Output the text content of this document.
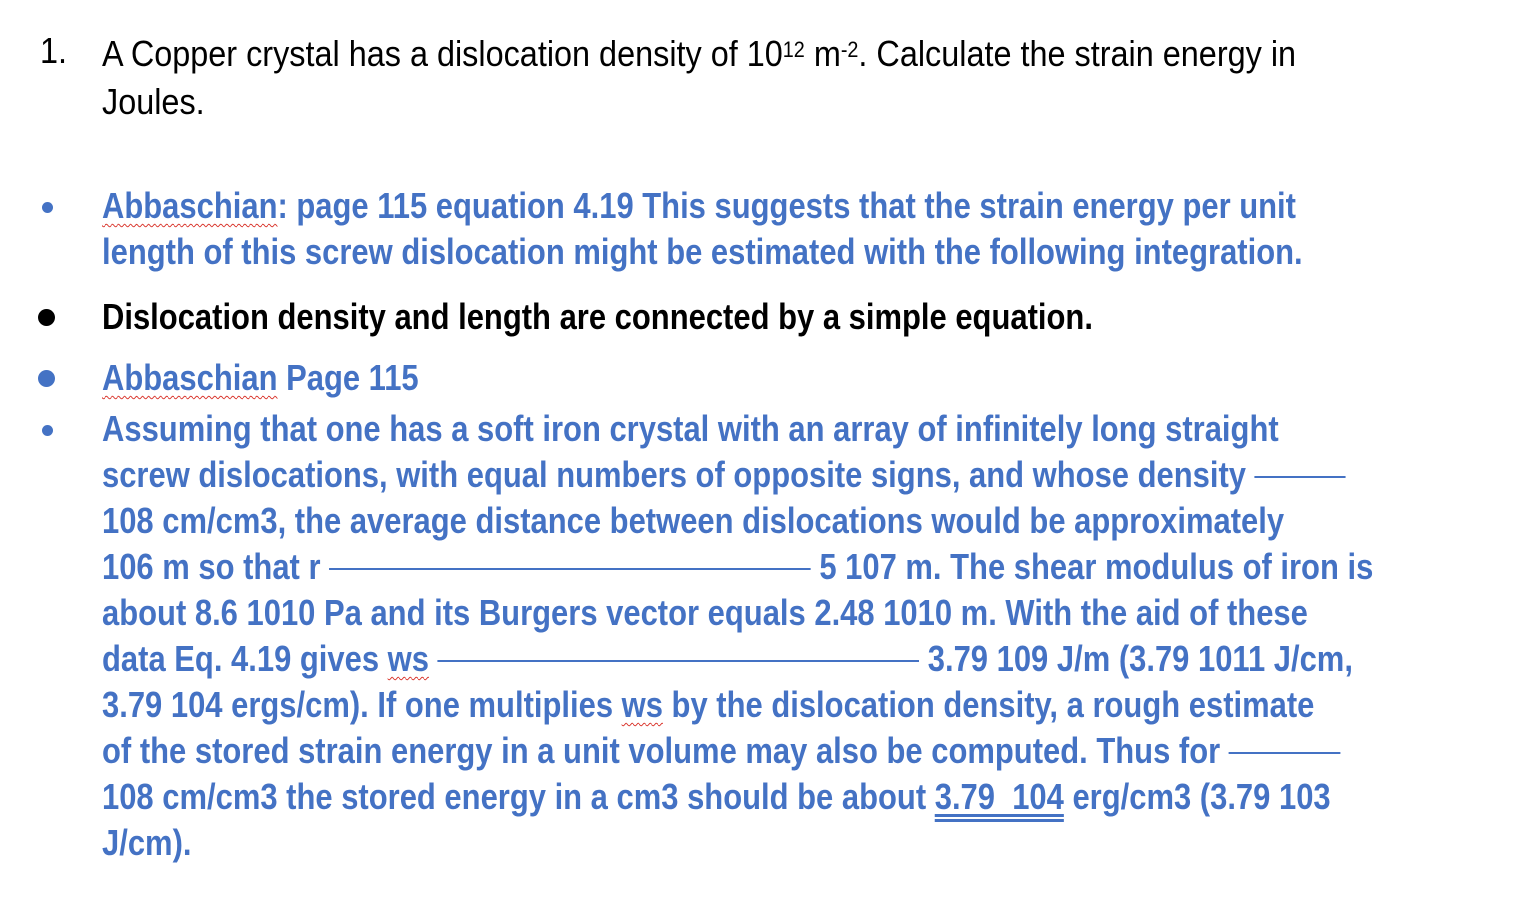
1. A Copper crystal has a dislocation density of $10^{12}$ $m^{-2}$. Calculate the strain energy in
Joules.
Abbaschian: page 115 equation 4.19 This suggests that the strain energy per unit
length of this screw dislocation might be estimated with the following integration.
Dislocation density and length are connected by a simple equation.
Abbaschian Page 115
Assuming that one has a soft iron crystal with an array of infinitely long straight
screw dislocations, with equal numbers of opposite signs, and whose density
108 cm/cm3, the average distance between dislocations would be approximately
106 m so that r	5 107 m. The shear modulus of iron is
about 8.6 1010 Pa and its Burgers vector equals 2.48 1010 m. With the aid of these
data Eq. 4.19 gives ws	3.79 109 J/m (3.79 1011 J/cm,
3.79 104 ergs/cm). If one multiplies ws by the dislocation density, a rough estimate
of the stored strain energy in a unit volume may also be computed. Thus for
108 cm/cm3 the stored energy in a cm3 should be about 3.79  104 erg/cm3 (3.79 103
J/cm).
